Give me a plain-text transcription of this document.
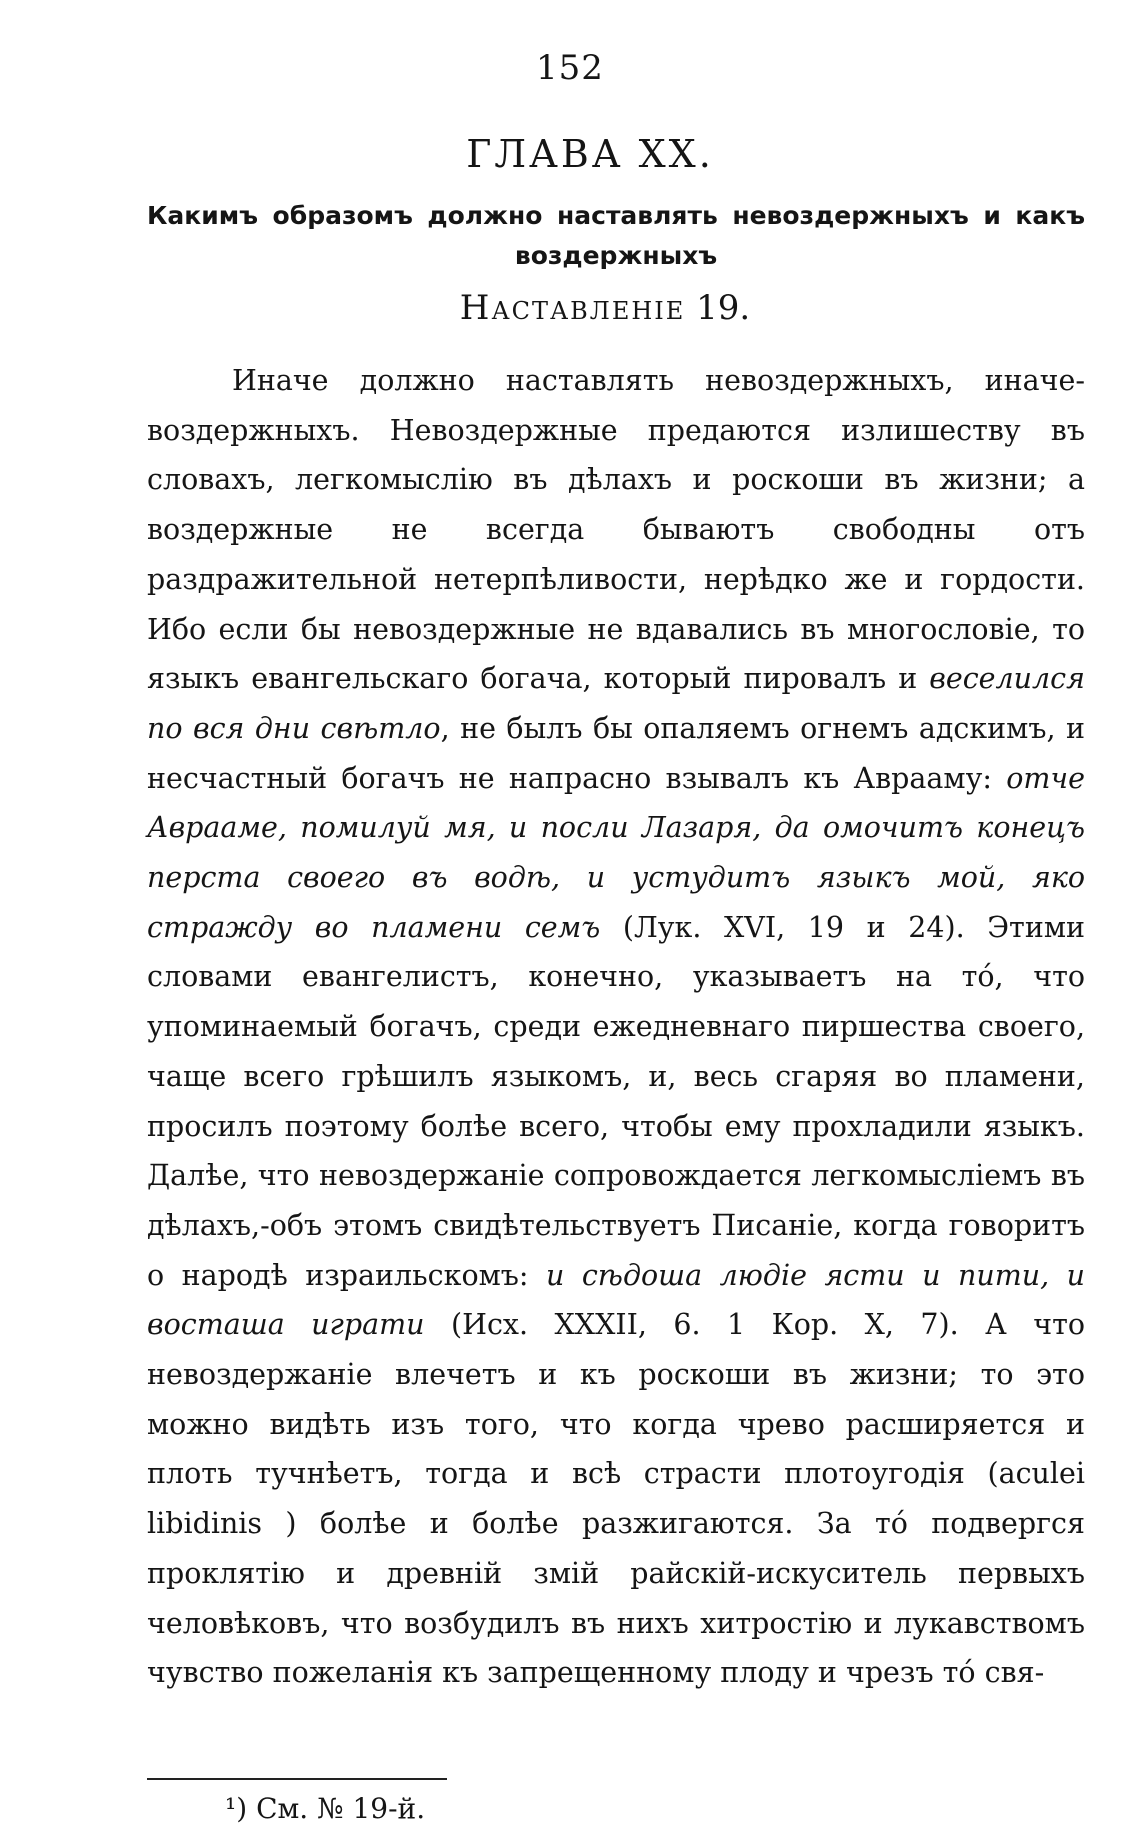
152
ГЛАВА XX.
Какимъ образомъ должно наставлять невоздержныхъ и какъ воздержныхъ
Наставленіе 19.

Иначе должно наставлять невоздержныхъ, иначе-воздержныхъ. Невоздержные предаются излишеству въ словахъ, легкомыслію въ дѣлахъ и роскоши въ жизни; а воздержные не всегда бываютъ свободны отъ раздражительной нетерпѣливости, нерѣдко же и гордости. Ибо если бы невоздержные не вдавались въ многословіе, то языкъ евангельскаго богача, который пировалъ и веселился по вся дни свѣтло, не былъ бы опаляемъ огнемъ адскимъ, и несчастный богачъ не напрасно взывалъ къ Аврааму: отче Аврааме, помилуй мя, и посли Лазаря, да омочитъ конецъ перста своего въ водѣ, и устудитъ языкъ мой, яко стражду во пламени семъ (Лук. XVI, 19 и 24). Этими словами евангелистъ, конечно, указываетъ на то́, что упоминаемый богачъ, среди ежедневнаго пиршества своего, чаще всего грѣшилъ языкомъ, и, весь сгаряя во пламени, просилъ поэтому болѣе всего, чтобы ему прохладили языкъ. Далѣе, что невоздержаніе сопровождается легкомысліемъ въ дѣлахъ,-объ этомъ свидѣтельствуетъ Писаніе, когда говоритъ о народѣ израильскомъ: и сѣдоша людіе ясти и пити, и восташа играти (Исх. XXXII, 6. 1 Кор. X, 7). А что невоздержаніе влечетъ и къ роскоши въ жизни; то это можно видѣть изъ того, что когда чрево расширяется и плоть тучнѣетъ, тогда и всѣ страсти плотоугодія (aculei libidinis ) болѣе и болѣе разжигаются. За то́ подвергся проклятію и древній змій райскій-искуситель первыхъ человѣковъ, что возбудилъ въ нихъ хитростію и лукавствомъ чувство пожеланія къ запрещенному плоду и чрезъ то́ свя-

¹) См. № 19-й.
